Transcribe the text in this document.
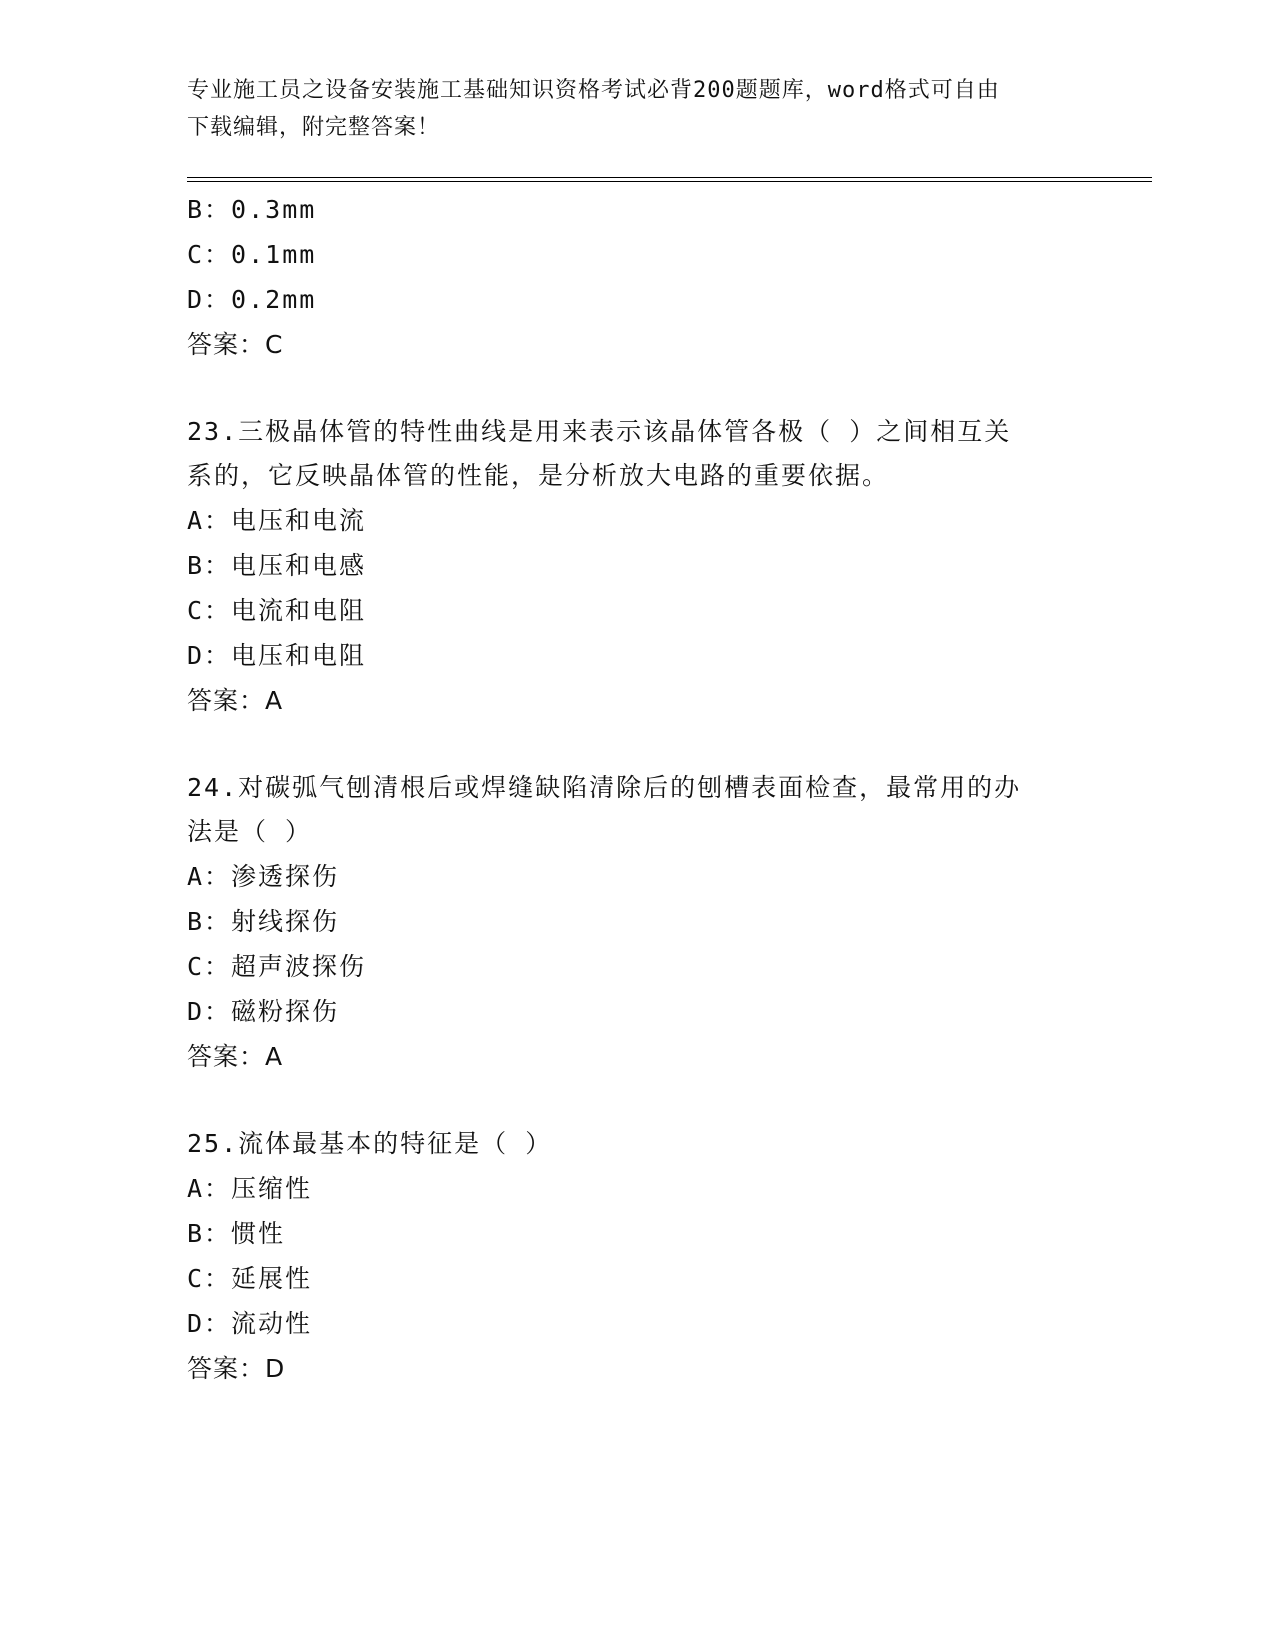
专业施工员之设备安装施工基础知识资格考试必背200题题库，word格式可自由
下载编辑，附完整答案！
B：0.3mm
C：0.1mm
D：0.2mm
答案：C
23.三极晶体管的特性曲线是用来表示该晶体管各极（ ）之间相互关
系的，它反映晶体管的性能，是分析放大电路的重要依据。
A：电压和电流
B：电压和电感
C：电流和电阻
D：电压和电阻
答案：A
24.对碳弧气刨清根后或焊缝缺陷清除后的刨槽表面检查，最常用的办
法是（ ）
A：渗透探伤
B：射线探伤
C：超声波探伤
D：磁粉探伤
答案：A
25.流体最基本的特征是（ ）
A：压缩性
B：惯性
C：延展性
D：流动性
答案：D
